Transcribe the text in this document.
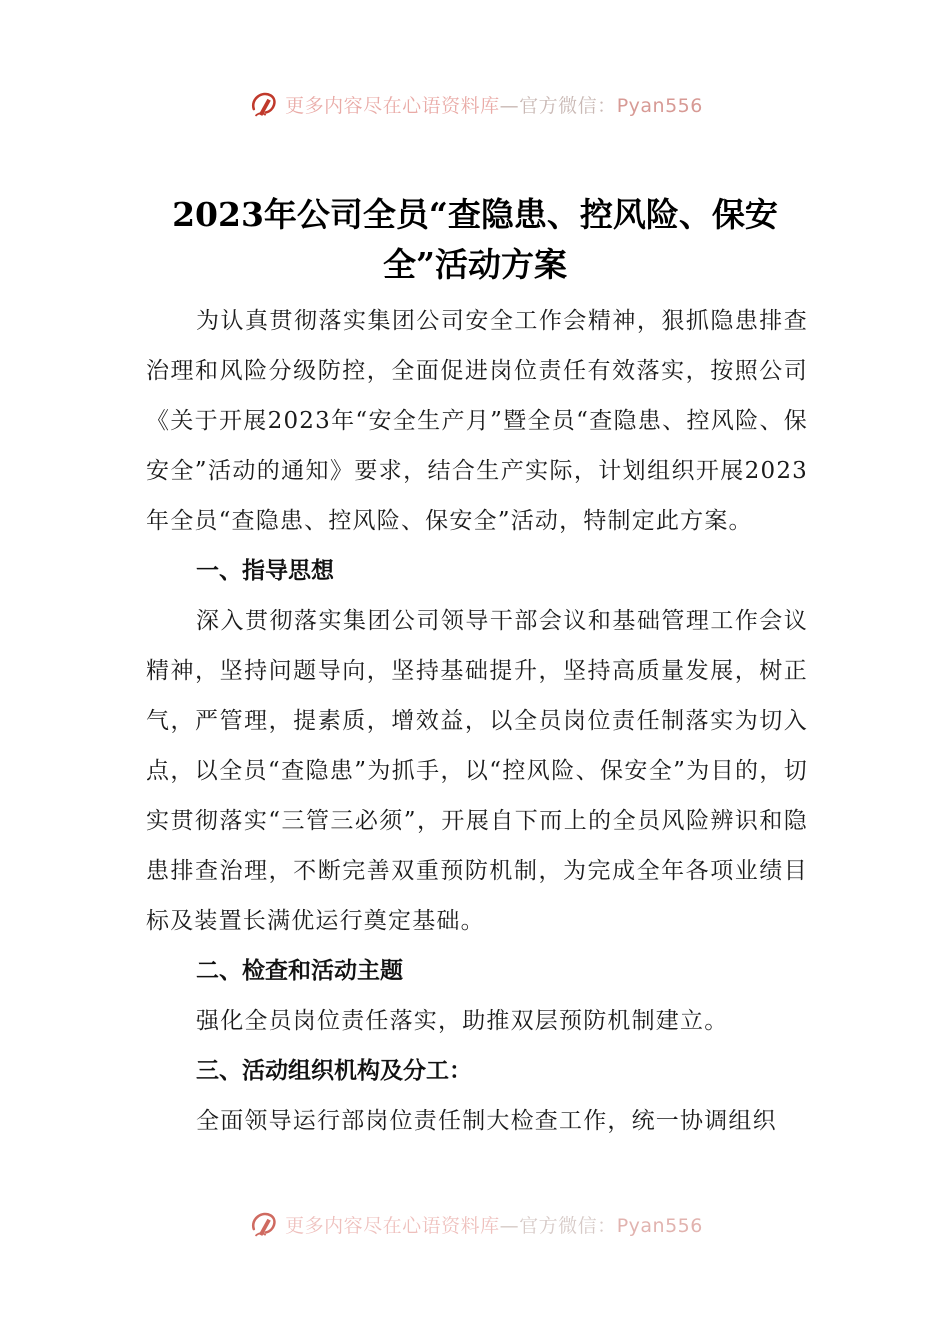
更多内容尽在心语资料库—官方微信：Pyan556
2023年公司全员“查隐患、控风险、保安
全”活动方案

为认真贯彻落实集团公司安全工作会精神，狠抓隐患排查治理和风险分级防控，全面促进岗位责任有效落实，按照公司《关于开展2023年“安全生产月”暨全员“查隐患、控风险、保安全”活动的通知》要求，结合生产实际，计划组织开展2023年全员“查隐患、控风险、保安全”活动，特制定此方案。

一、指导思想

深入贯彻落实集团公司领导干部会议和基础管理工作会议精神，坚持问题导向，坚持基础提升，坚持高质量发展，树正气，严管理，提素质，增效益，以全员岗位责任制落实为切入点，以全员“查隐患”为抓手，以“控风险、保安全”为目的，切实贯彻落实“三管三必须”，开展自下而上的全员风险辨识和隐患排查治理，不断完善双重预防机制，为完成全年各项业绩目标及装置长满优运行奠定基础。

二、检查和活动主题

强化全员岗位责任落实，助推双层预防机制建立。

三、活动组织机构及分工：

全面领导运行部岗位责任制大检查工作，统一协调组织

更多内容尽在心语资料库—官方微信：Pyan556
